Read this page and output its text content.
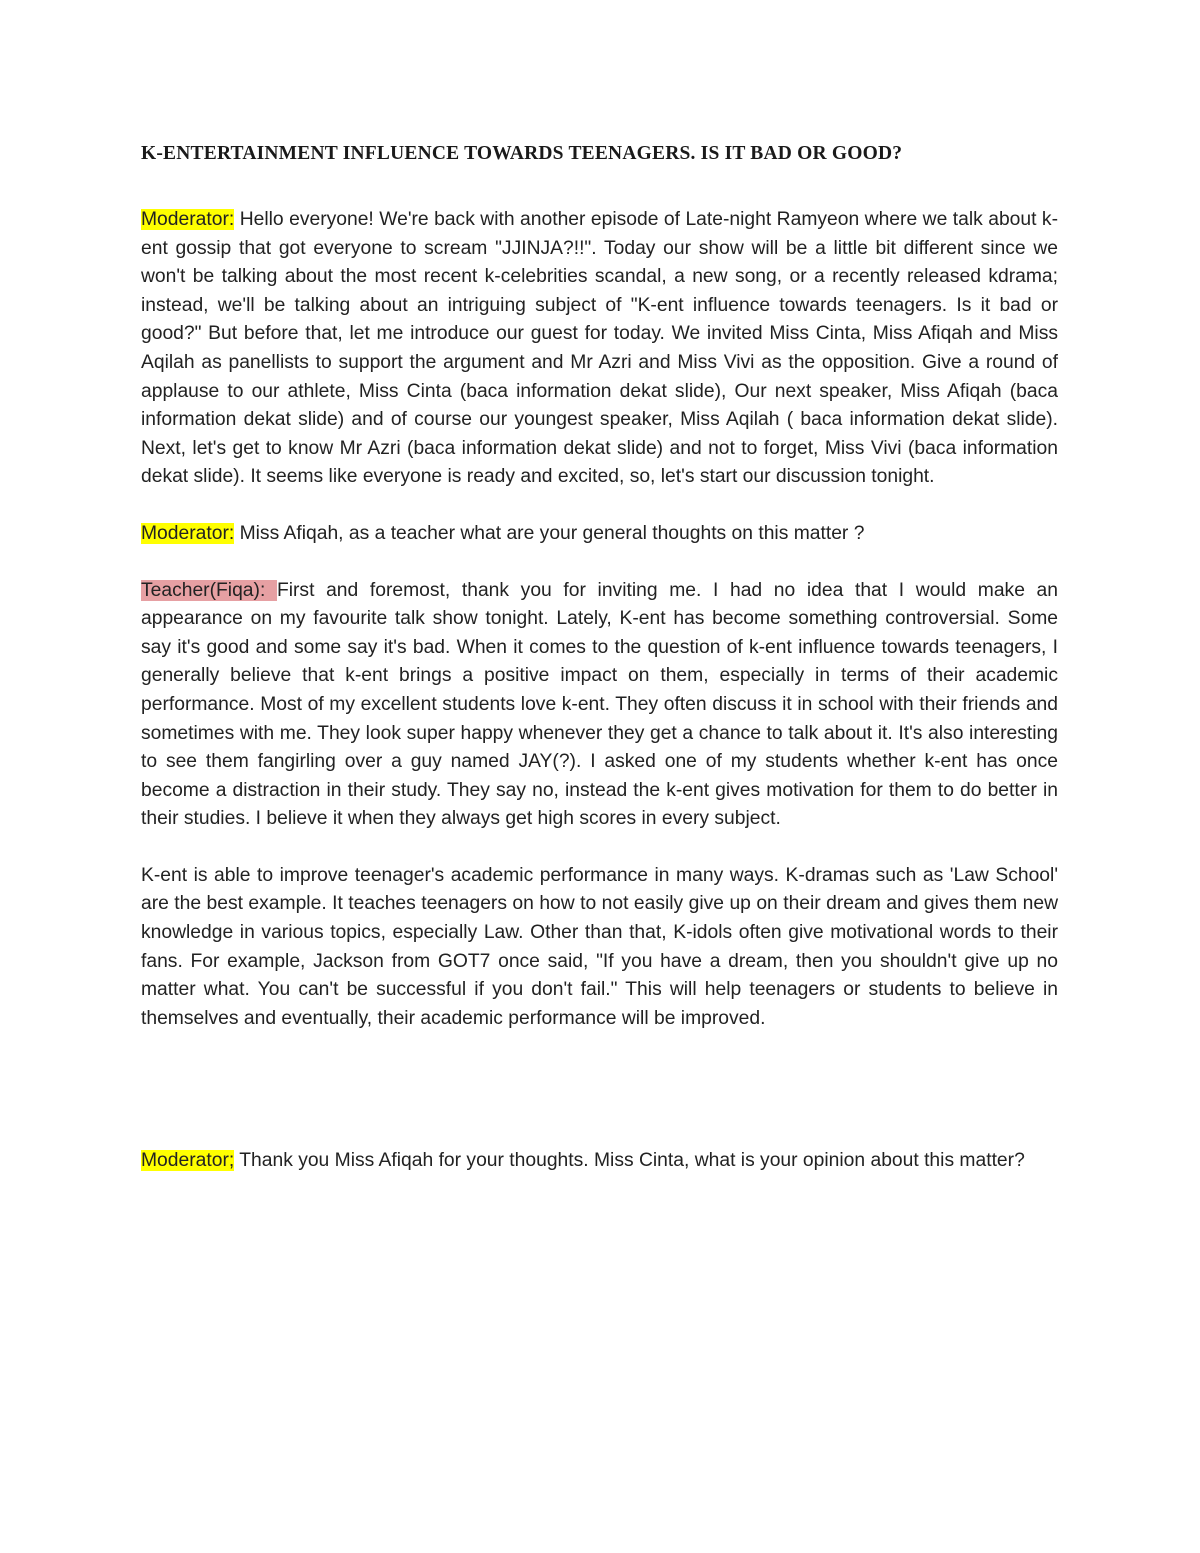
K-ENTERTAINMENT INFLUENCE TOWARDS TEENAGERS. IS IT BAD OR GOOD?

Moderator: Hello everyone! We're back with another episode of Late-night Ramyeon where we talk about k-ent gossip that got everyone to scream "JJINJA?!!". Today our show will be a little bit different since we won't be talking about the most recent k-celebrities scandal, a new song, or a recently released kdrama; instead, we'll be talking about an intriguing subject of "K-ent influence towards teenagers. Is it bad or good?" But before that, let me introduce our guest for today. We invited Miss Cinta, Miss Afiqah and Miss Aqilah as panellists to support the argument and Mr Azri and Miss Vivi as the opposition. Give a round of applause to our athlete, Miss Cinta (baca information dekat slide), Our next speaker, Miss Afiqah (baca information dekat slide) and of course our youngest speaker, Miss Aqilah ( baca information dekat slide). Next, let's get to know Mr Azri (baca information dekat slide) and not to forget, Miss Vivi (baca information dekat slide). It seems like everyone is ready and excited, so, let's start our discussion tonight.

Moderator: Miss Afiqah, as a teacher what are your general thoughts on this matter ?

Teacher(Fiqa): First and foremost, thank you for inviting me. I had no idea that I would make an appearance on my favourite talk show tonight. Lately, K-ent has become something controversial. Some say it's good and some say it's bad. When it comes to the question of k-ent influence towards teenagers, I generally believe that k-ent brings a positive impact on them, especially in terms of their academic performance. Most of my excellent students love k-ent. They often discuss it in school with their friends and sometimes with me. They look super happy whenever they get a chance to talk about it. It's also interesting to see them fangirling over a guy named JAY(?). I asked one of my students whether k-ent has once become a distraction in their study. They say no, instead the k-ent gives motivation for them to do better in their studies. I believe it when they always get high scores in every subject.

K-ent is able to improve teenager's academic performance in many ways. K-dramas such as 'Law School' are the best example. It teaches teenagers on how to not easily give up on their dream and gives them new knowledge in various topics, especially Law. Other than that, K-idols often give motivational words to their fans. For example, Jackson from GOT7 once said, "If you have a dream, then you shouldn't give up no matter what. You can't be successful if you don't fail." This will help teenagers or students to believe in themselves and eventually, their academic performance will be improved.

Moderator; Thank you Miss Afiqah for your thoughts. Miss Cinta, what is your opinion about this matter?
